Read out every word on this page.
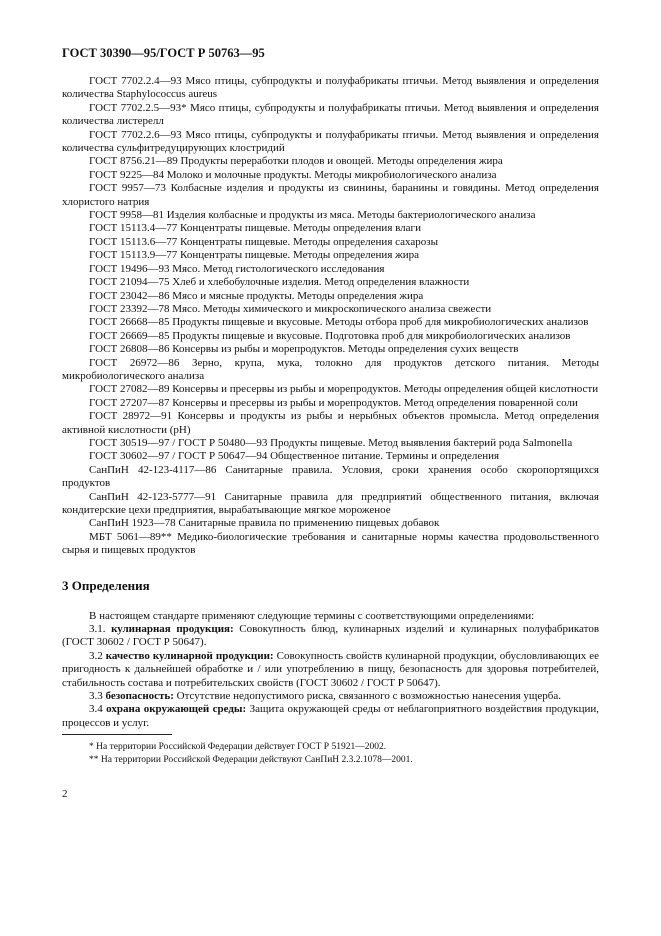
ГОСТ 30390—95/ГОСТ Р 50763—95

ГОСТ 7702.2.4—93 Мясо птицы, субпродукты и полуфабрикаты птичьи. Метод выявления и определения количества Staphylococcus aureus

ГОСТ 7702.2.5—93* Мясо птицы, субпродукты и полуфабрикаты птичьи. Метод выявления и определения количества листерелл

ГОСТ 7702.2.6—93 Мясо птицы, субпродукты и полуфабрикаты птичьи. Метод выявления и определения количества сульфитредуцирующих клостридий

ГОСТ 8756.21—89 Продукты переработки плодов и овощей. Методы определения жира

ГОСТ 9225—84 Молоко и молочные продукты. Методы микробиологического анализа

ГОСТ 9957—73 Колбасные изделия и продукты из свинины, баранины и говядины. Метод определения хлористого натрия

ГОСТ 9958—81 Изделия колбасные и продукты из мяса. Методы бактериологического анализа

ГОСТ 15113.4—77 Концентраты пищевые. Методы определения влаги

ГОСТ 15113.6—77 Концентраты пищевые. Методы определения сахарозы

ГОСТ 15113.9—77 Концентраты пищевые. Методы определения жира

ГОСТ 19496—93 Мясо. Метод гистологического исследования

ГОСТ 21094—75 Хлеб и хлебобулочные изделия. Метод определения влажности

ГОСТ 23042—86 Мясо и мясные продукты. Методы определения жира

ГОСТ 23392—78 Мясо. Методы химического и микроскопического анализа свежести

ГОСТ 26668—85 Продукты пищевые и вкусовые. Методы отбора проб для микробиологических анализов

ГОСТ 26669—85 Продукты пищевые и вкусовые. Подготовка проб для микробиологических анализов

ГОСТ 26808—86 Консервы из рыбы и морепродуктов. Методы определения сухих веществ

ГОСТ 26972—86 Зерно, крупа, мука, толокно для продуктов детского питания. Методы микробиологического анализа

ГОСТ 27082—89 Консервы и пресервы из рыбы и морепродуктов. Методы определения общей кислотности

ГОСТ 27207—87 Консервы и пресервы из рыбы и морепродуктов. Метод определения поваренной соли

ГОСТ 28972—91 Консервы и продукты из рыбы и нерыбных объектов промысла. Метод определения активной кислотности (pH)

ГОСТ 30519—97 / ГОСТ Р 50480—93 Продукты пищевые. Метод выявления бактерий рода Salmonella

ГОСТ 30602—97 / ГОСТ Р 50647—94 Общественное питание. Термины и определения

СанПиН 42-123-4117—86 Санитарные правила. Условия, сроки хранения особо скоропортящихся продуктов

СанПиН 42-123-5777—91 Санитарные правила для предприятий общественного питания, включая кондитерские цехи предприятия, вырабатывающие мягкое мороженое

СанПиН 1923—78 Санитарные правила по применению пищевых добавок

МБТ 5061—89** Медико-биологические требования и санитарные нормы качества продовольственного сырья и пищевых продуктов

3 Определения

В настоящем стандарте применяют следующие термины с соответствующими определениями:

3.1. кулинарная продукция: Совокупность блюд, кулинарных изделий и кулинарных полуфабрикатов (ГОСТ 30602 / ГОСТ Р 50647).

3.2 качество кулинарной продукции: Совокупность свойств кулинарной продукции, обусловливающих ее пригодность к дальнейшей обработке и / или употреблению в пищу, безопасность для здоровья потребителей, стабильность состава и потребительских свойств (ГОСТ 30602 / ГОСТ Р 50647).

3.3 безопасность: Отсутствие недопустимого риска, связанного с возможностью нанесения ущерба.

3.4 охрана окружающей среды: Защита окружающей среды от неблагоприятного воздействия продукции, процессов и услуг.

* На территории Российской Федерации действует ГОСТ Р 51921—2002.

** На территории Российской Федерации действуют СанПиН 2.3.2.1078—2001.

2
